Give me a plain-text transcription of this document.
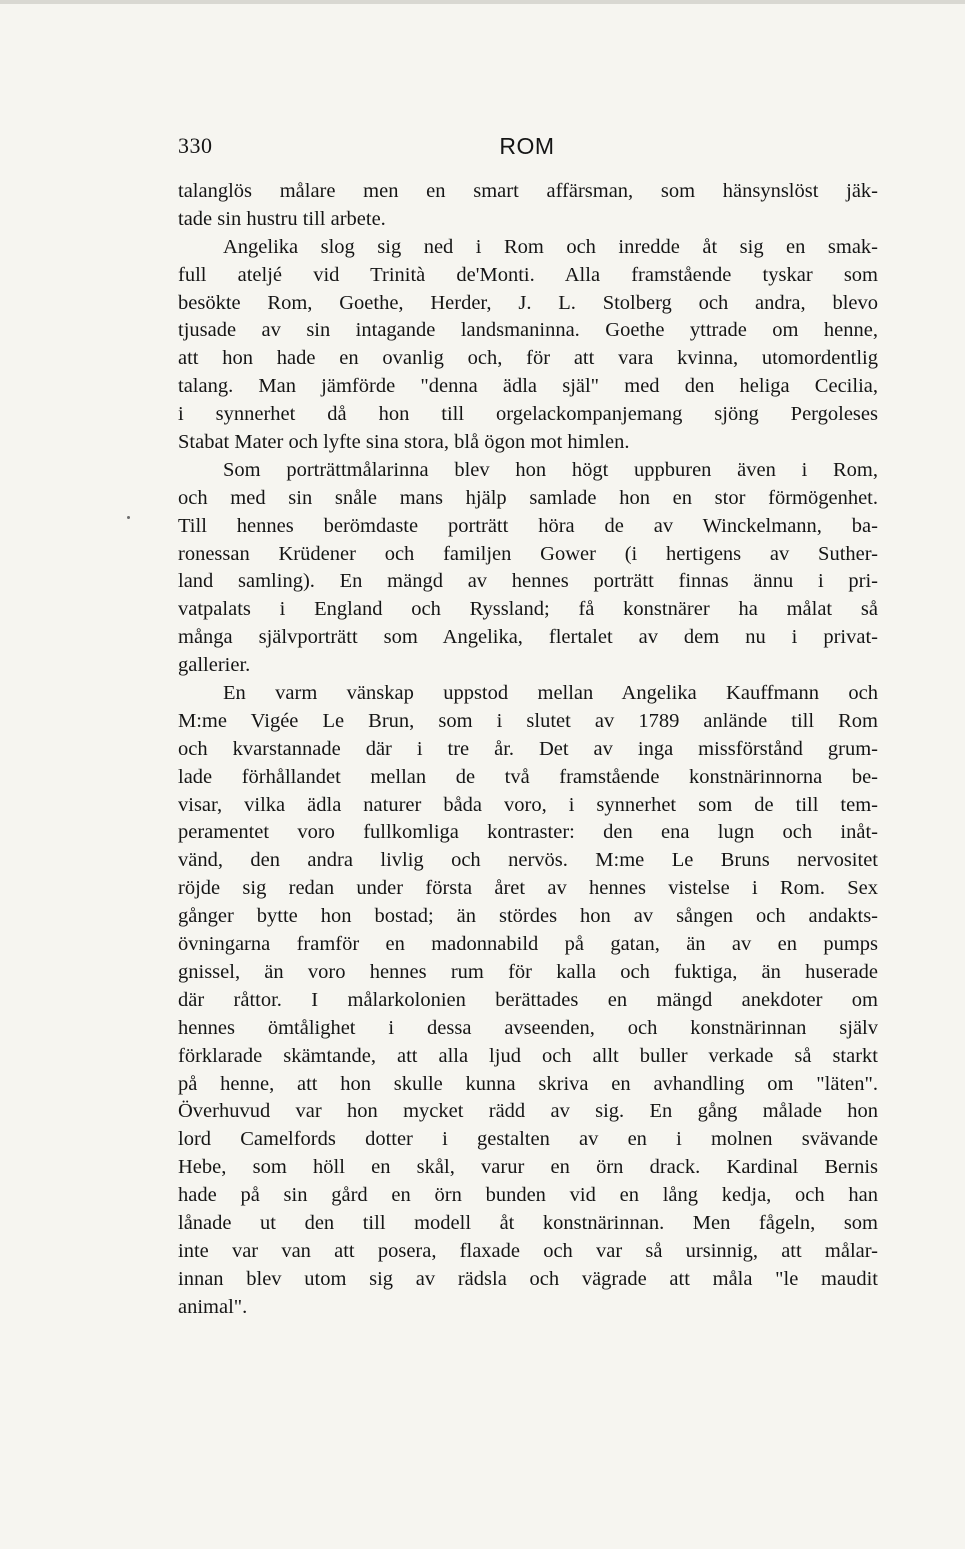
330	ROM
talanglös målare men en smart affärsman, som hänsynslöst jäk-
tade sin hustru till arbete.
Angelika slog sig ned i Rom och inredde åt sig en smak-
full ateljé vid Trinità de'Monti. Alla framstående tyskar som
besökte Rom, Goethe, Herder, J. L. Stolberg och andra, blevo
tjusade av sin intagande landsmaninna. Goethe yttrade om henne,
att hon hade en ovanlig och, för att vara kvinna, utomordentlig
talang. Man jämförde "denna ädla själ" med den heliga Cecilia,
i synnerhet då hon till orgelackompanjemang sjöng Pergoleses
Stabat Mater och lyfte sina stora, blå ögon mot himlen.
Som porträttmålarinna blev hon högt uppburen även i Rom,
och med sin snåle mans hjälp samlade hon en stor förmögenhet.
Till hennes berömdaste porträtt höra de av Winckelmann, ba-
ronessan Krüdener och familjen Gower (i hertigens av Suther-
land samling). En mängd av hennes porträtt finnas ännu i pri-
vatpalats i England och Ryssland; få konstnärer ha målat så
många självporträtt som Angelika, flertalet av dem nu i privat-
gallerier.
En varm vänskap uppstod mellan Angelika Kauffmann och
M:me Vigée Le Brun, som i slutet av 1789 anlände till Rom
och kvarstannade där i tre år. Det av inga missförstånd grum-
lade förhållandet mellan de två framstående konstnärinnorna be-
visar, vilka ädla naturer båda voro, i synnerhet som de till tem-
peramentet voro fullkomliga kontraster: den ena lugn och inåt-
vänd, den andra livlig och nervös. M:me Le Bruns nervositet
röjde sig redan under första året av hennes vistelse i Rom. Sex
gånger bytte hon bostad; än stördes hon av sången och andakts-
övningarna framför en madonnabild på gatan, än av en pumps
gnissel, än voro hennes rum för kalla och fuktiga, än huserade
där råttor. I målarkolonien berättades en mängd anekdoter om
hennes ömtålighet i dessa avseenden, och konstnärinnan själv
förklarade skämtande, att alla ljud och allt buller verkade så starkt
på henne, att hon skulle kunna skriva en avhandling om "läten".
Överhuvud var hon mycket rädd av sig. En gång målade hon
lord Camelfords dotter i gestalten av en i molnen svävande
Hebe, som höll en skål, varur en örn drack. Kardinal Bernis
hade på sin gård en örn bunden vid en lång kedja, och han
lånade ut den till modell åt konstnärinnan. Men fågeln, som
inte var van att posera, flaxade och var så ursinnig, att målar-
innan blev utom sig av rädsla och vägrade att måla "le maudit
animal".
